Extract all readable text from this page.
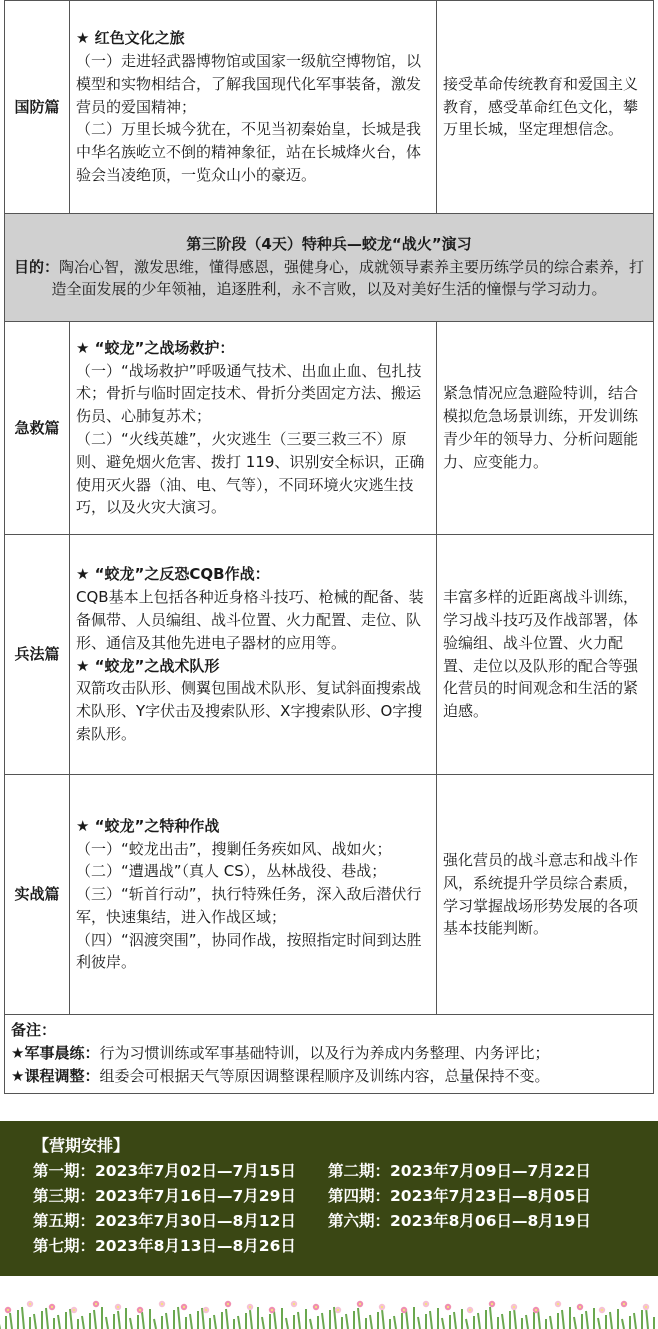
国防篇	★ 红色文化之旅
（一）走进轻武器博物馆或国家一级航空博物馆，以模型和实物相结合，了解我国现代化军事装备，激发营员的爱国精神；
（二）万里长城今犹在，不见当初秦始皇，长城是我中华名族屹立不倒的精神象征，站在长城烽火台，体验会当凌绝顶，一览众山小的豪迈。	接受革命传统教育和爱国主义教育，感受革命红色文化，攀万里长城，坚定理想信念。

第三阶段（4天）特种兵—蛟龙“战火”演习
目的：陶冶心智，激发思维，懂得感恩，强健身心，成就领导素养主要历练学员的综合素养，打造全面发展的少年领袖，追逐胜利，永不言败，以及对美好生活的憧憬与学习动力。		
急救篇	★ “蛟龙”之战场救护：
（一）“战场救护”呼吸通气技术、出血止血、包扎技术；骨折与临时固定技术、骨折分类固定方法、搬运伤员、心肺复苏术；
（二）“火线英雄”，火灾逃生（三要三救三不）原则、避免烟火危害、拨打 119、识别安全标识，正确使用灭火器（油、电、气等），不同环境火灾逃生技巧，以及火灾大演习。	紧急情况应急避险特训，结合模拟危急场景训练，开发训练青少年的领导力、分析问题能力、应变能力。
兵法篇	★ “蛟龙”之反恐CQB作战：
CQB基本上包括各种近身格斗技巧、枪械的配备、装备佩带、人员编组、战斗位置、火力配置、走位、队形、通信及其他先进电子器材的应用等。
★ “蛟龙”之战术队形
双箭攻击队形、侧翼包围战术队形、复试斜面搜索战术队形、Y字伏击及搜索队形、X字搜索队形、O字搜索队形。	丰富多样的近距离战斗训练，学习战斗技巧及作战部署，体验编组、战斗位置、火力配置、走位以及队形的配合等强化营员的时间观念和生活的紧迫感。
实战篇	★ “蛟龙”之特种作战
（一）“蛟龙出击”，搜剿任务疾如风、战如火；
（二）“遭遇战”（真人 CS），丛林战役、巷战；
（三）“斩首行动”，执行特殊任务，深入敌后潜伏行军，快速集结，进入作战区域；
（四）“泅渡突围”，协同作战，按照指定时间到达胜利彼岸。	强化营员的战斗意志和战斗作风，系统提升学员综合素质，学习掌握战场形势发展的各项基本技能判断。

备注：
★军事晨练：行为习惯训练或军事基础特训，以及行为养成内务整理、内务评比；
★课程调整：组委会可根据天气等原因调整课程顺序及训练内容，总量保持不变。		
【营期安排】
第一期：2023年7月02日—7月15日 第二期：2023年7月09日—7月22日
第三期：2023年7月16日—7月29日 第四期：2023年7月23日—8月05日
第五期：2023年7月30日—8月12日 第六期：2023年8月06日—8月19日
第七期：2023年8月13日—8月26日
